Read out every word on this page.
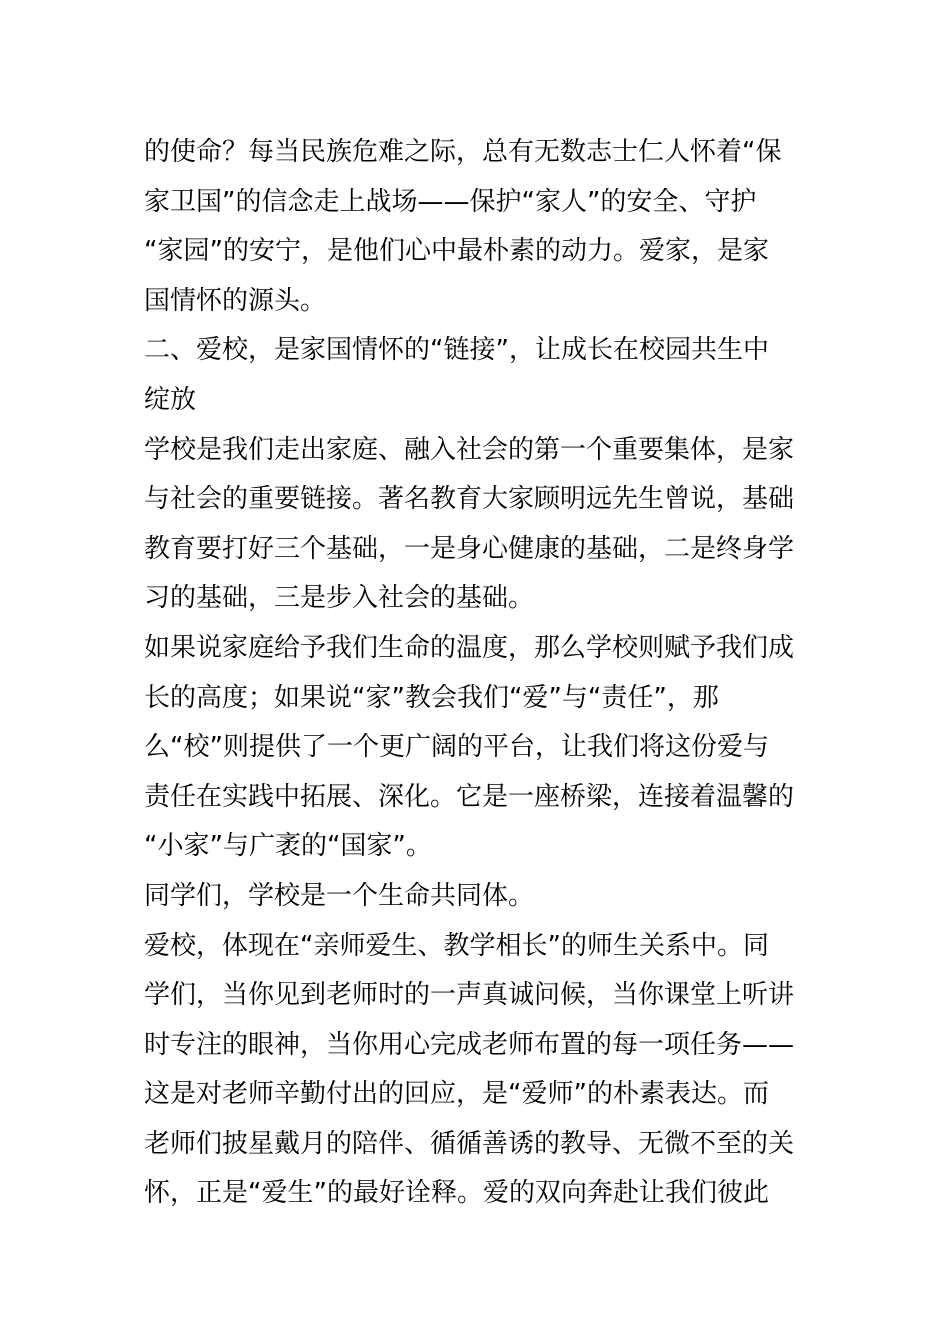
的使命？每当民族危难之际，总有无数志士仁人怀着“保
家卫国”的信念走上战场——保护“家人”的安全、守护
“家园”的安宁，是他们心中最朴素的动力。爱家，是家
国情怀的源头。
二、爱校，是家国情怀的“链接”，让成长在校园共生中
绽放
学校是我们走出家庭、融入社会的第一个重要集体，是家
与社会的重要链接。著名教育大家顾明远先生曾说，基础
教育要打好三个基础，一是身心健康的基础，二是终身学
习的基础，三是步入社会的基础。
如果说家庭给予我们生命的温度，那么学校则赋予我们成
长的高度；如果说“家”教会我们“爱”与“责任”，那
么“校”则提供了一个更广阔的平台，让我们将这份爱与
责任在实践中拓展、深化。它是一座桥梁，连接着温馨的
“小家”与广袤的“国家”。
同学们，学校是一个生命共同体。
爱校，体现在“亲师爱生、教学相长”的师生关系中。同
学们，当你见到老师时的一声真诚问候，当你课堂上听讲
时专注的眼神，当你用心完成老师布置的每一项任务——
这是对老师辛勤付出的回应，是“爱师”的朴素表达。而
老师们披星戴月的陪伴、循循善诱的教导、无微不至的关
怀，正是“爱生”的最好诠释。爱的双向奔赴让我们彼此
